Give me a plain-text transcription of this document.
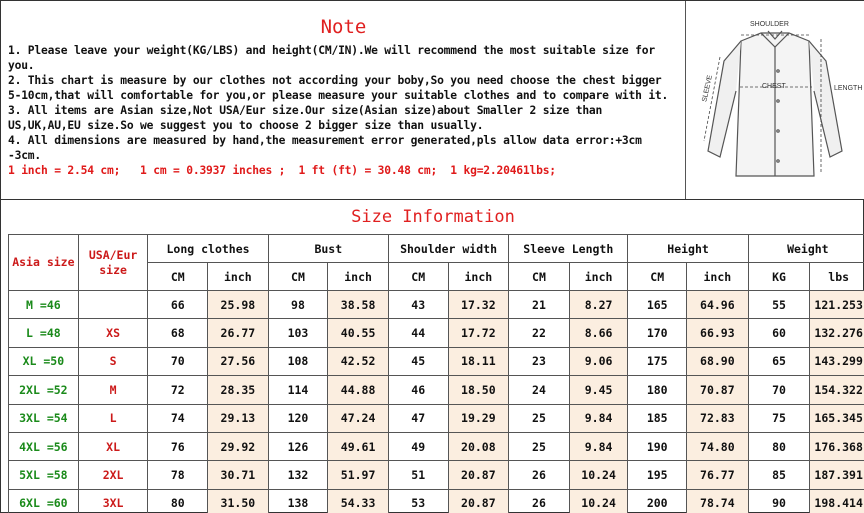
Note
1. Please leave your weight(KG/LBS) and height(CM/IN).We will recommend the most suitable size for you.
2. This chart is measure by our clothes not according your boby,So you need choose the chest bigger 5-10cm,that will comfortable for you,or please measure your suitable clothes and to compare with it.
3. All items are Asian size,Not USA/Eur size.Our size(Asian size)about Smaller 2 size than US,UK,AU,EU size.So we suggest you to choose 2 bigger size than usually.
4. All dimensions are measured by hand,the measurement error generated,pls allow data error:+3cm -3cm.
1 inch = 2.54 cm;   1 cm = 0.3937 inches ;  1 ft (ft) = 30.48 cm;  1 kg=2.20461lbs;
SHOULDER
CHEST	LENGTH
SLEEVE
Size Information
Asia size	USA/Eur size	Long clothes		Bust		Shoulder width		Sleeve Length		Height		Weight	
		CM	inch	CM	inch	CM	inch	CM	inch	CM	inch	KG	lbs
M =46		66	25.98	98	38.58	43	17.32	21	8.27	165	64.96	55	121.253
L =48	XS	68	26.77	103	40.55	44	17.72	22	8.66	170	66.93	60	132.276
XL =50	S	70	27.56	108	42.52	45	18.11	23	9.06	175	68.90	65	143.299
2XL =52	M	72	28.35	114	44.88	46	18.50	24	9.45	180	70.87	70	154.322
3XL =54	L	74	29.13	120	47.24	47	19.29	25	9.84	185	72.83	75	165.345
4XL =56	XL	76	29.92	126	49.61	49	20.08	25	9.84	190	74.80	80	176.368
5XL =58	2XL	78	30.71	132	51.97	51	20.87	26	10.24	195	76.77	85	187.391
6XL =60	3XL	80	31.50	138	54.33	53	20.87	26	10.24	200	78.74	90	198.414
